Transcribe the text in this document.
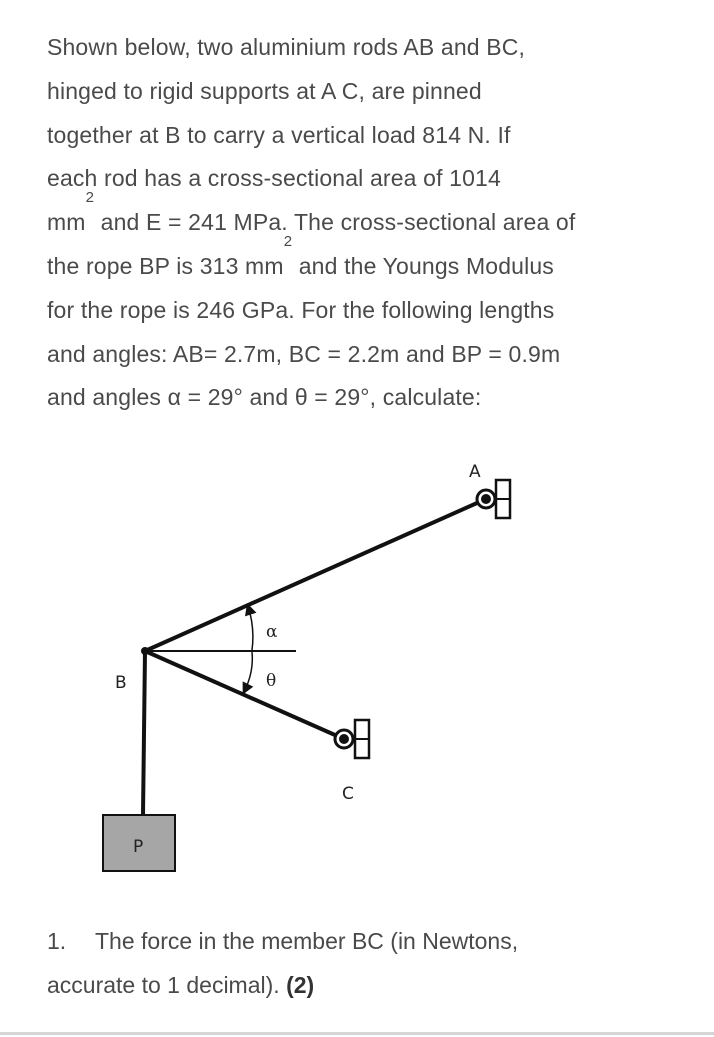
Shown below, two aluminium rods AB and BC,
hinged to rigid supports at A C, are pinned
together at B to carry a vertical load 814 N. If
each rod has a cross-sectional area of 1014
$mm^2$ and E = 241 MPa. The cross-sectional area of
the rope BP is 313 $mm^2$ and the Youngs Modulus
for the rope is 246 GPa. For the following lengths
and angles: AB= 2.7m, BC = 2.2m and BP = 0.9m
and angles α = 29° and θ = 29°, calculate:
A
B
C
P
α
θ
1. The force in the member BC (in Newtons,
accurate to 1 decimal). (2)
